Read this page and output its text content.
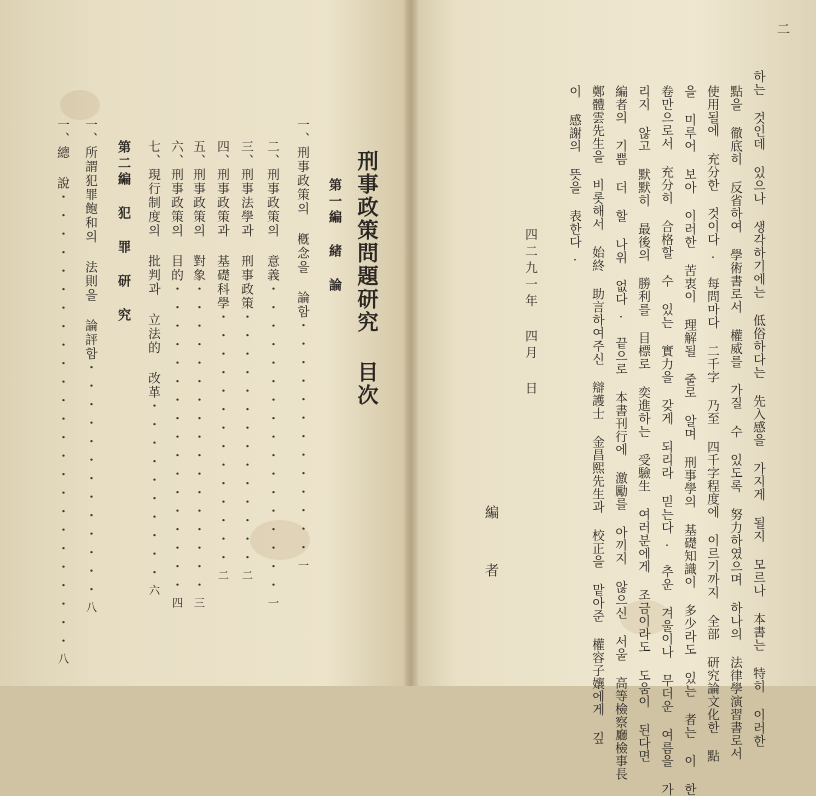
刑事政策問題研究 目次
第一編 緒 論
一、刑事政策의 槪念을 論함・・・・・・・・・・・・・一
二、刑事政策의 意義・・・・・・・・・・・・・・・・・一
三、刑事法學과 刑事政策・・・・・・・・・・・・・・二
四、刑事政策과 基礎科學・・・・・・・・・・・・・・二
五、刑事政策의 對象・・・・・・・・・・・・・・・・・三
六、刑事政策의 目的・・・・・・・・・・・・・・・・・四
七、現行制度의 批判과 立法的 改革・・・・・・・・・・六
第二編 犯 罪 研 究
一、所謂犯罪飽和의 法則을 論評함・・・・・・・・・・・・・八
一、總 說・・・・・・・・・・・・・・・・・・・・・・・・・八
二
하는 것인데 있으나 생각하기에는 低俗하다는 先入感을 가지게 될지 모르나 本書는 特히 이러한
點을 徹底히 反省하여 學術書로서 權威를 가질 수 있도록 努力하였으며 하나의 法律學演習書로서
使用될에 充分한 것이다. 每問마다 二千字 乃至 四千字程度에 이르기까지 全部 研究論文化한 點
을 미루어 보아 이러한 苦衷이 理解될 줄로 알며 刑事學의 基礎知識이 多少라도 있는 者는 이 한
卷만으로서 充分히 合格할 수 있는 實力을 갖게 되리라 믿는다. 추운 겨울이나 무더운 여름을 가
리지 않고 默默히 最後의 勝利를 目標로 奕進하는 受驗生 여러분에게 조금이라도 도움이 된다면
編者의 기쁨 더 할 나위 없다. 끝으로 本書刊行에 激勵를 아끼지 않으신 서울 高等檢察廳檢事長
鄭體雲先生을 비롯해서 始終 助言하여주신 辯護士 金昌熙先生과 校正을 맡아준 權容子孃에게 깊
이 感謝의 뜻을 表한다.
四二九一年 四月 日
編 者
